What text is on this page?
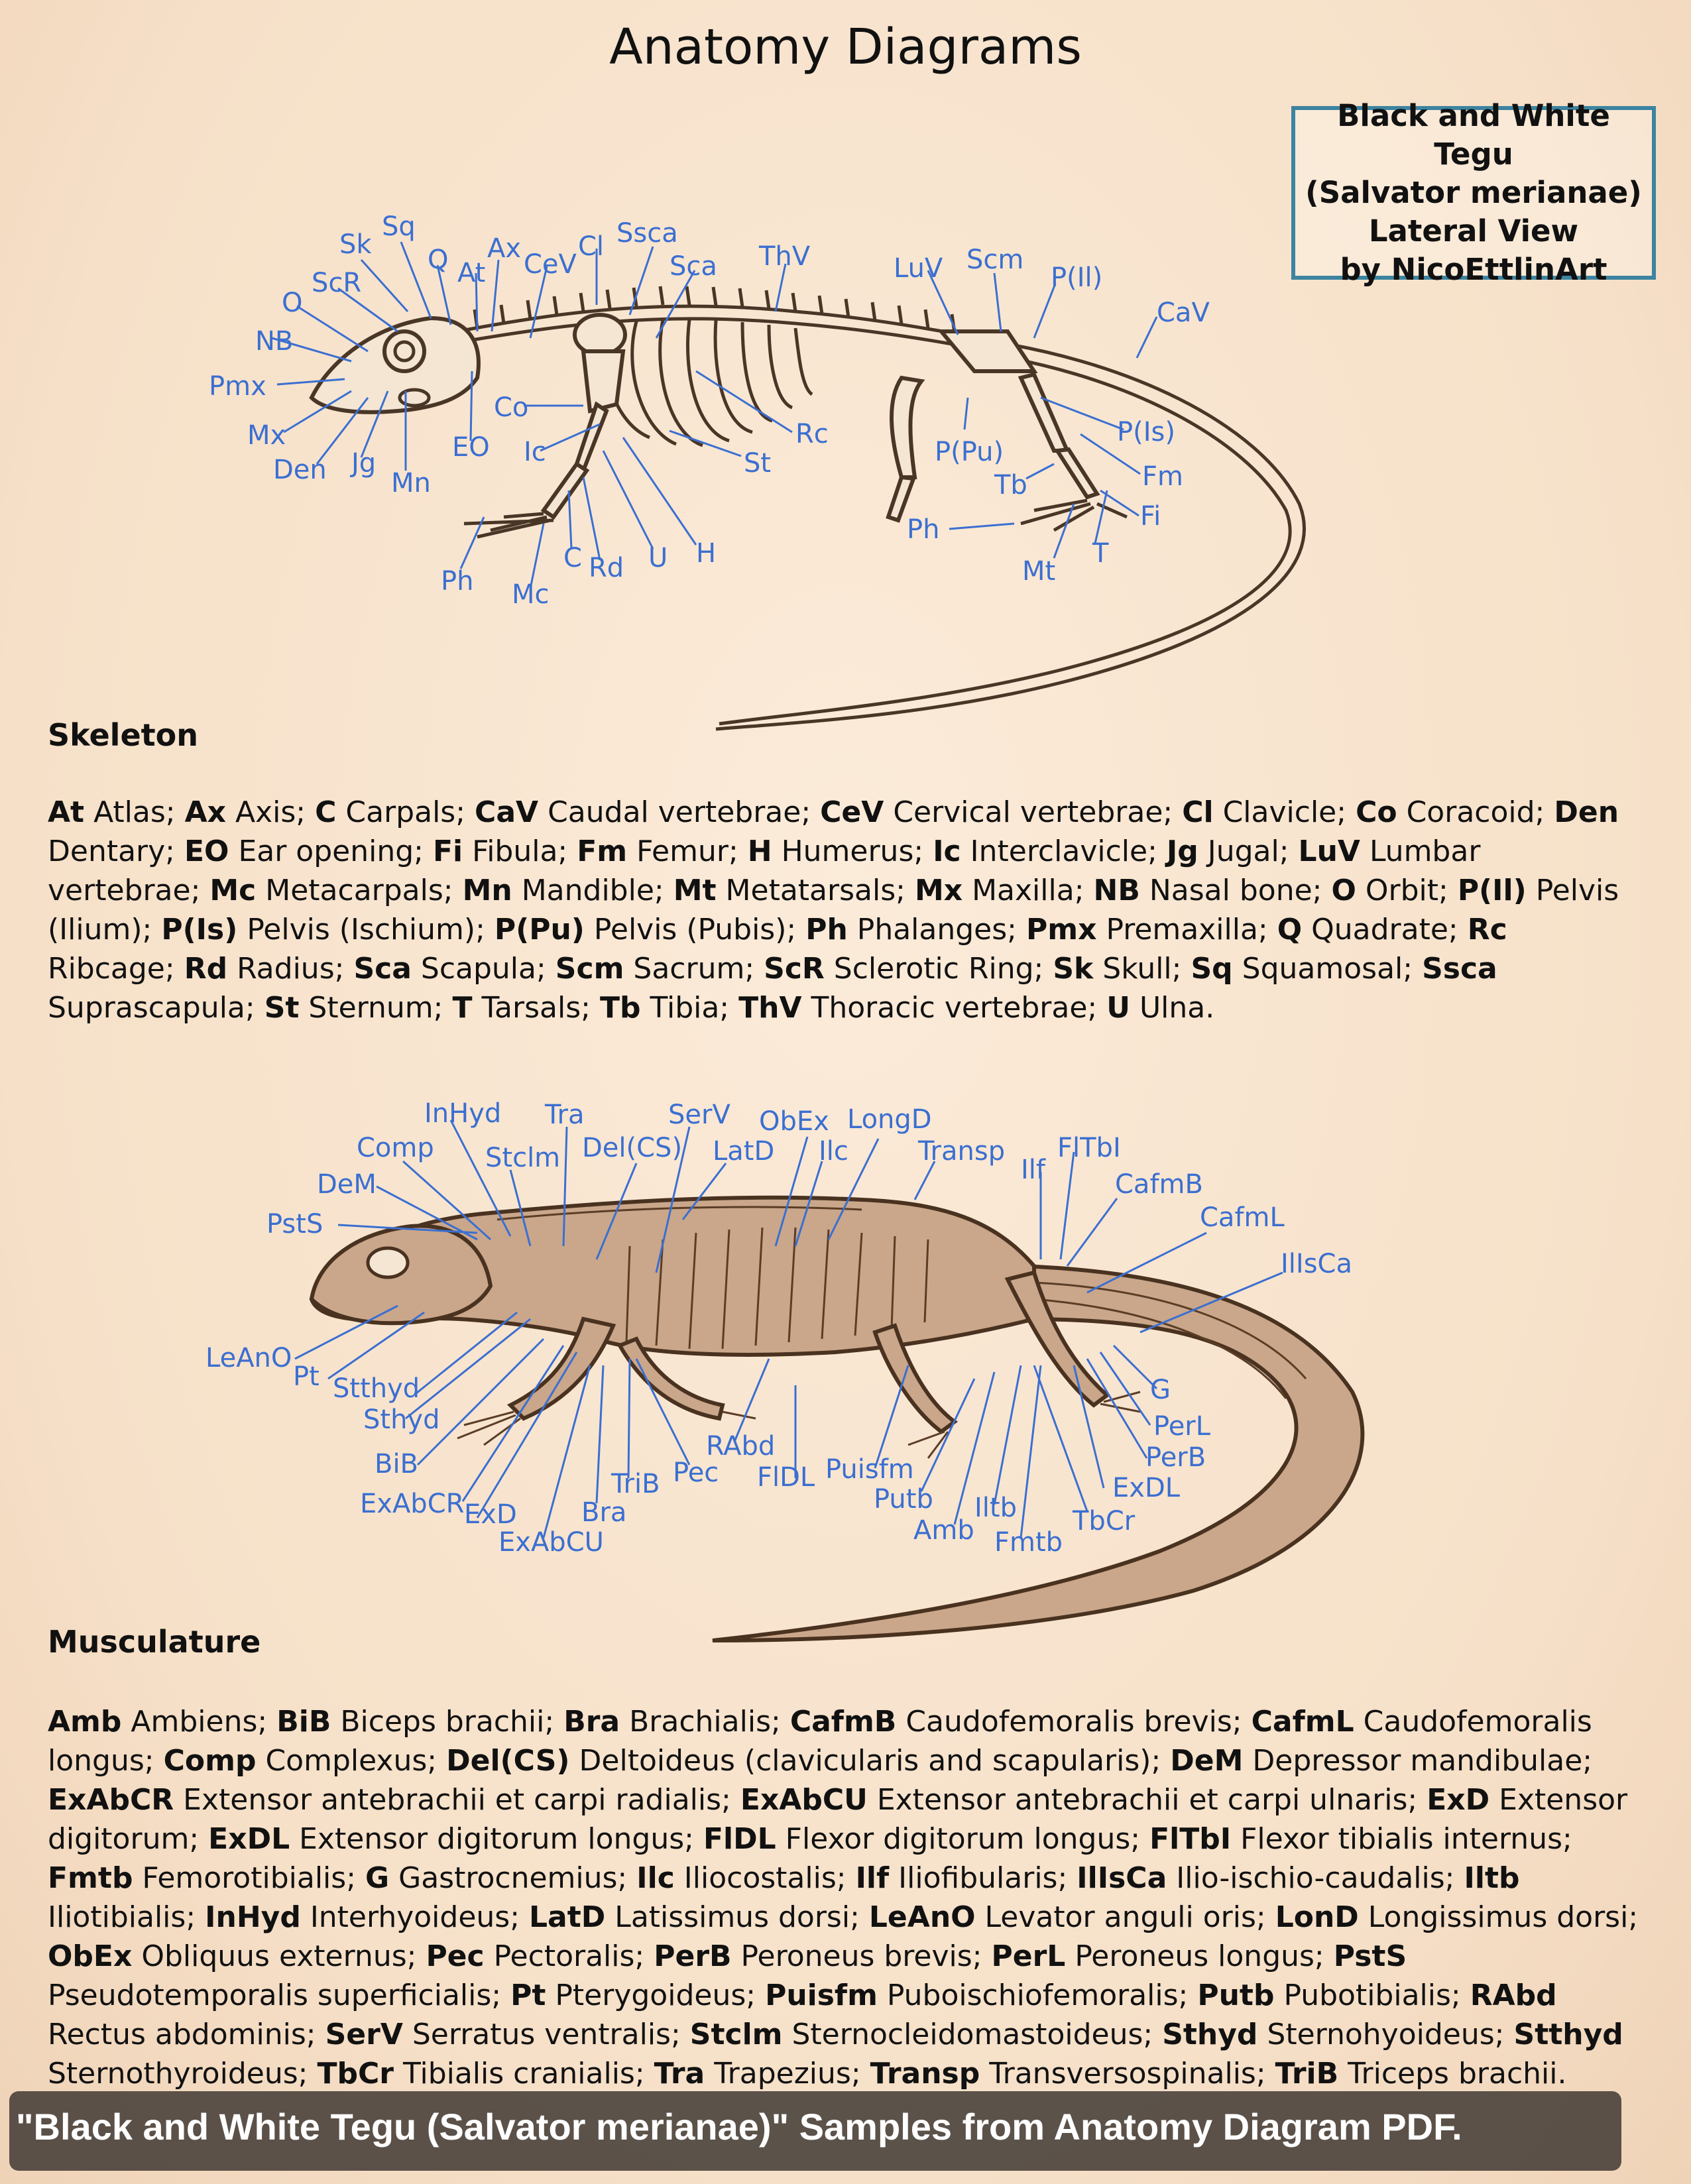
Anatomy Diagrams
Black and White Tegu
(Salvator merianae)
Lateral View
by NicoEttlinArt
Sk
Sq
ScR
O
NB
Pmx
Mx
Den Jg
Mn
Q At
Ax
CeV
Cl Ssca
Sca ThV
Co
Ic
EO	Rc
St
Ph Mc
C Rd U H
LuV Scm
P(Il)
CaV
P(Is)
P(Pu)
Tb	Fm
Fi
Ph
Mt
T
InHyd Tra	SerV ObEx LongD
Comp Stclm Del(CS) LatD Ilc	Transp FlTbI
Ilf	CafmB
DeM
CafmL
PstS
IlIsCa
LeAnO
Pt Stthyd
Sthyd
G
PerL
PerB
BiB
RAbd
ExDL
Puisfm
FlDL
ExAbCR
TriB Pec
Putb Iltb TbCr
ExD Bra
Amb Fmtb
ExAbCU
Skeleton
At Atlas; Ax Axis; C Carpals; CaV Caudal vertebrae; CeV Cervical vertebrae; Cl Clavicle; Co Coracoid; Den Dentary; EO Ear opening; Fi Fibula; Fm Femur; H Humerus; Ic Interclavicle; Jg Jugal; LuV Lumbar vertebrae; Mc Metacarpals; Mn Mandible; Mt Metatarsals; Mx Maxilla; NB Nasal bone; O Orbit; P(Il) Pelvis (Ilium); P(Is) Pelvis (Ischium); P(Pu) Pelvis (Pubis); Ph Phalanges; Pmx Premaxilla; Q Quadrate; Rc Ribcage; Rd Radius; Sca Scapula; Scm Sacrum; ScR Sclerotic Ring; Sk Skull; Sq Squamosal; Ssca Suprascapula; St Sternum; T Tarsals; Tb Tibia; ThV Thoracic vertebrae; U Ulna.
Musculature
Amb Ambiens; BiB Biceps brachii; Bra Brachialis; CafmB Caudofemoralis brevis; CafmL Caudofemoralis longus; Comp Complexus; Del(CS) Deltoideus (clavicularis and scapularis); DeM Depressor mandibulae; ExAbCR Extensor antebrachii et carpi radialis; ExAbCU Extensor antebrachii et carpi ulnaris; ExD Extensor digitorum; ExDL Extensor digitorum longus; FlDL Flexor digitorum longus; FlTbI Flexor tibialis internus; Fmtb Femorotibialis; G Gastrocnemius; Ilc Iliocostalis; Ilf Iliofibularis; IlIsCa Ilio-ischio-caudalis; Iltb Iliotibialis; InHyd Interhyoideus; LatD Latissimus dorsi; LeAnO Levator anguli oris; LonD Longissimus dorsi; ObEx Obliquus externus; Pec Pectoralis; PerB Peroneus brevis; PerL Peroneus longus; PstS Pseudotemporalis superficialis; Pt Pterygoideus; Puisfm Puboischiofemoralis; Putb Pubotibialis; RAbd Rectus abdominis; SerV Serratus ventralis; Stclm Sternocleidomastoideus; Sthyd Sternohyoideus; Stthyd Sternothyroideus; TbCr Tibialis cranialis; Tra Trapezius; Transp Transversospinalis; TriB Triceps brachii.
"Black and White Tegu (Salvator merianae)" Samples from Anatomy Diagram PDF.
